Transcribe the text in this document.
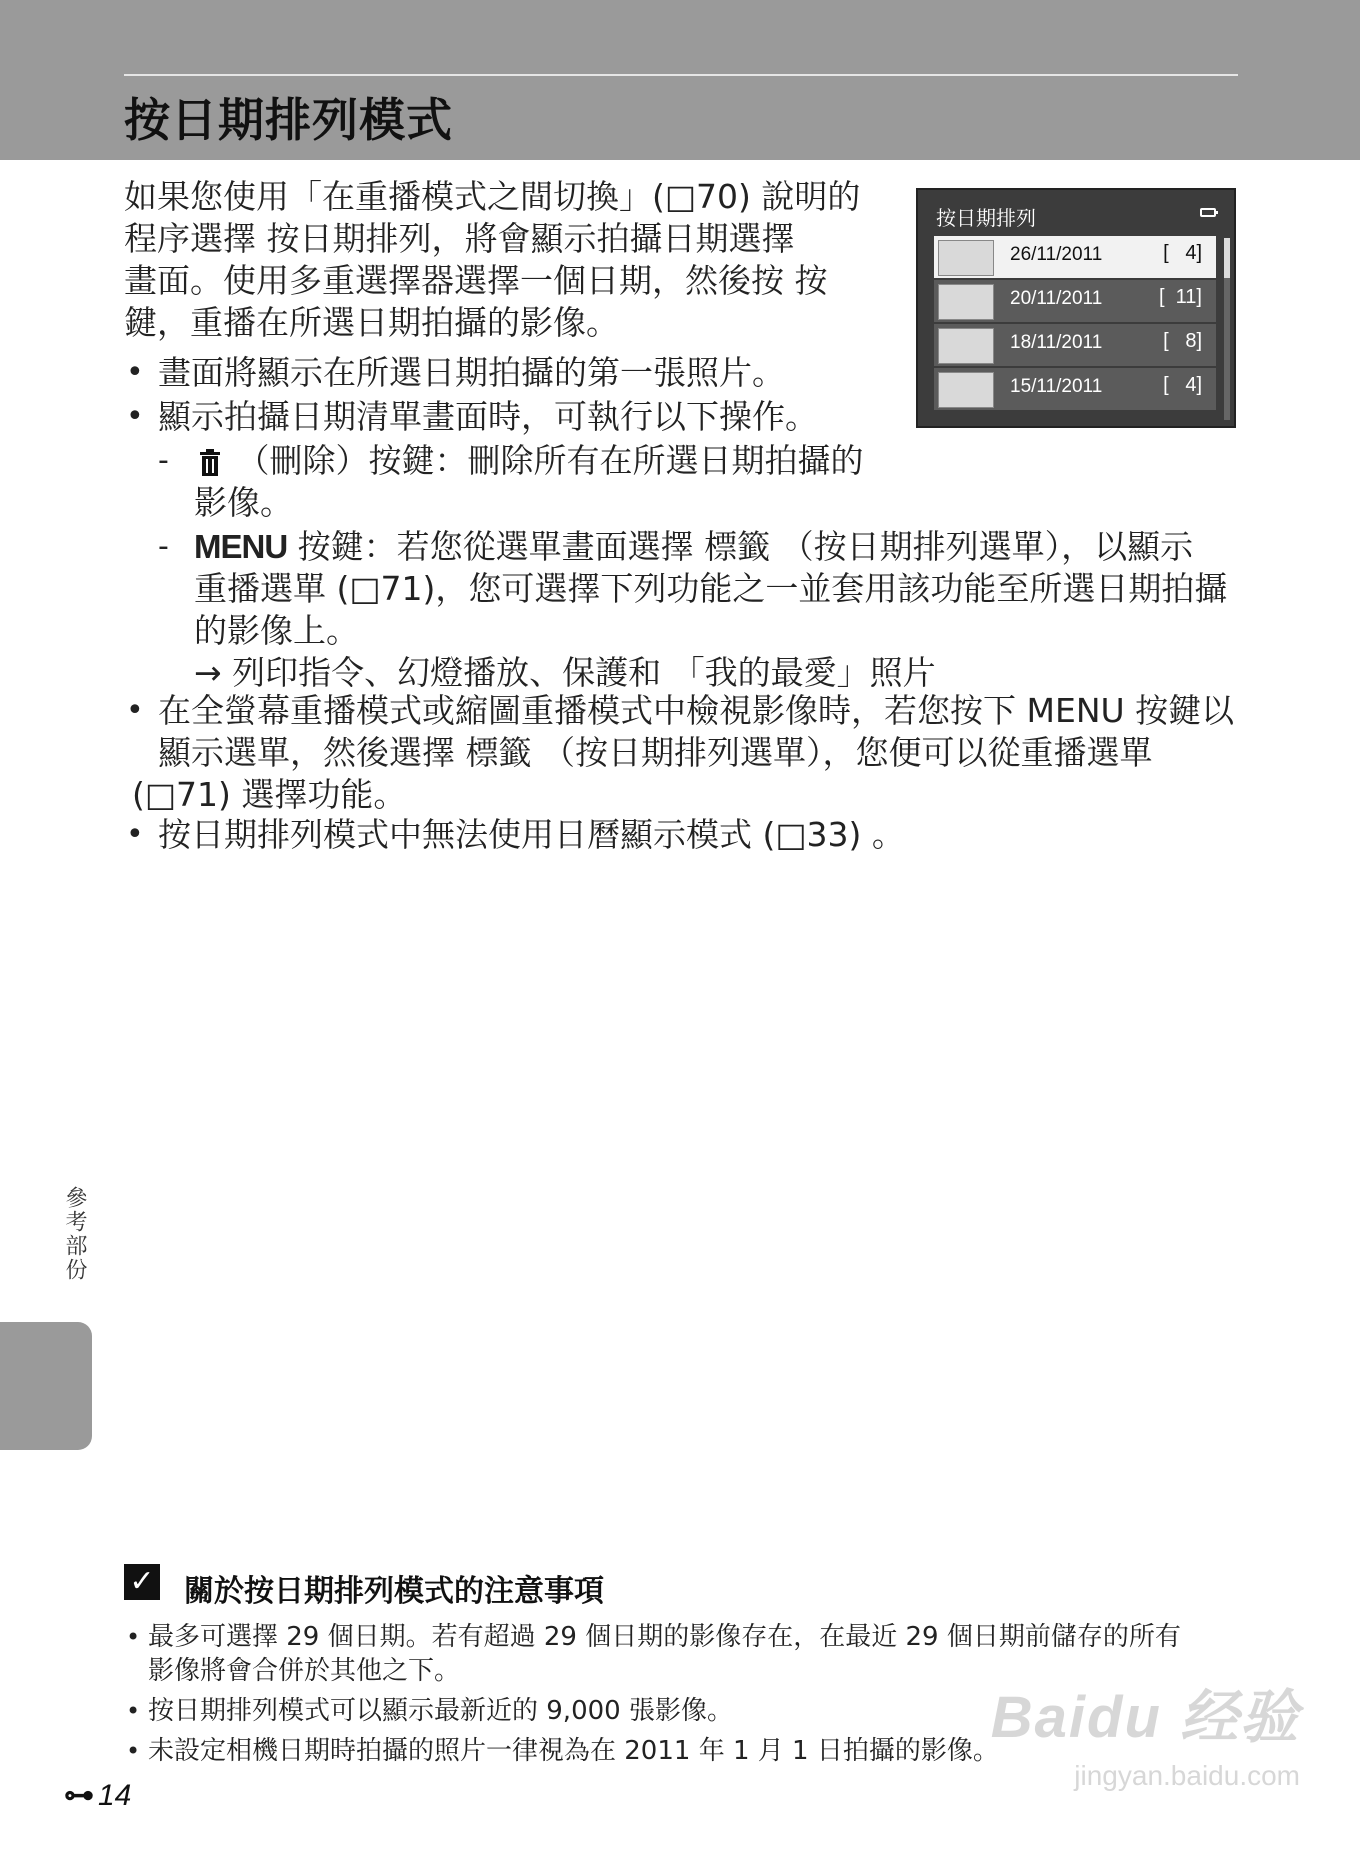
按日期排列模式
如果您使用「在重播模式之間切換」(□70) 說明的
程序選擇 按日期排列，將會顯示拍攝日期選擇
畫面。使用多重選擇器選擇一個日期，然後按 按
鍵，重播在所選日期拍攝的影像。
• 畫面將顯示在所選日期拍攝的第一張照片。
• 顯示拍攝日期清單畫面時，可執行以下操作。
- （刪除）按鍵：刪除所有在所選日期拍攝的
影像。
- MENU 按鍵：若您從選單畫面選擇 標籤 （按日期排列選單），以顯示
重播選單 (□71)，您可選擇下列功能之一並套用該功能至所選日期拍攝
的影像上。
→ 列印指令、幻燈播放、保護和 「我的最愛」照片
• 在全螢幕重播模式或縮圖重播模式中檢視影像時，若您按下 MENU 按鍵以
顯示選單，然後選擇 標籤 （按日期排列選單），您便可以從重播選單
(□71) 選擇功能。
• 按日期排列模式中無法使用日曆顯示模式 (□33) 。
按日期排列
26/11/2011	[   4]
20/11/2011	[  11]
18/11/2011	[   8]
15/11/2011	[   4]
參考部份
✓ 關於按日期排列模式的注意事項
• 最多可選擇 29 個日期。若有超過 29 個日期的影像存在，在最近 29 個日期前儲存的所有
影像將會合併於其他之下。
• 按日期排列模式可以顯示最新近的 9,000 張影像。
• 未設定相機日期時拍攝的照片一律視為在 2011 年 1 月 1 日拍攝的影像。
⊶ 14
Baidu 经验
jingyan.baidu.com
